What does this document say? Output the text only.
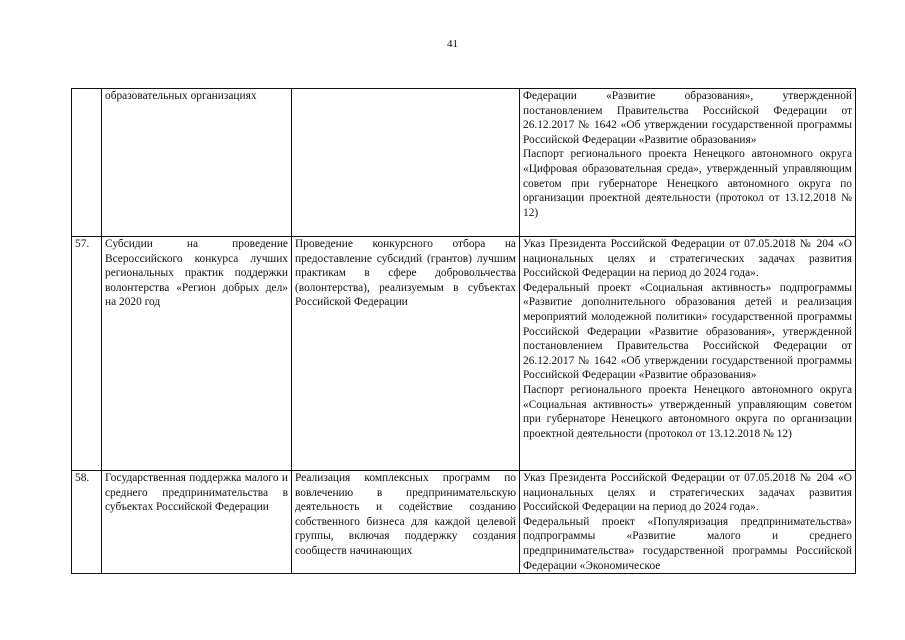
41
	образовательных организациях		Федерации «Развитие образования», утвержденной постановлением Правительства Российской Федерации от 26.12.2017 № 1642 «Об утверждении государственной программы Российской Федерации «Развитие образования»

Паспорт регионального проекта Ненецкого автономного округа «Цифровая образовательная среда», утвержденный управляющим советом при губернаторе Ненецкого автономного округа по организации проектной деятельности (протокол от 13.12.2018 № 12)

57.	Субсидии на проведение Всероссийского конкурса лучших региональных практик поддержки волонтерства «Регион добрых дел» на 2020 год	Проведение конкурсного отбора на предоставление субсидий (грантов) лучшим практикам в сфере добровольчества (волонтерства), реализуемым в субъектах Российской Федерации	Указ Президента Российской Федерации от 07.05.2018 № 204 «О национальных целях и стратегических задачах развития Российской Федерации на период до 2024 года».

Федеральный проект «Социальная активность» подпрограммы «Развитие дополнительного образования детей и реализация мероприятий молодежной политики» государственной программы Российской Федерации «Развитие образования», утвержденной постановлением Правительства Российской Федерации от 26.12.2017 № 1642 «Об утверждении государственной программы Российской Федерации «Развитие образования»

Паспорт регионального проекта Ненецкого автономного округа «Социальная активность» утвержденный управляющим советом при губернаторе Ненецкого автономного округа по организации проектной деятельности (протокол от 13.12.2018 № 12)

58.	Государственная поддержка малого и среднего предпринимательства в субъектах Российской Федерации	Реализация комплексных программ по вовлечению в предпринимательскую деятельность и содействие созданию собственного бизнеса для каждой целевой группы, включая поддержку создания сообществ начинающих	Указ Президента Российской Федерации от 07.05.2018 № 204 «О национальных целях и стратегических задачах развития Российской Федерации на период до 2024 года».

Федеральный проект «Популяризация предпринимательства» подпрограммы «Развитие малого и среднего предпринимательства» государственной программы Российской Федерации «Экономическое
